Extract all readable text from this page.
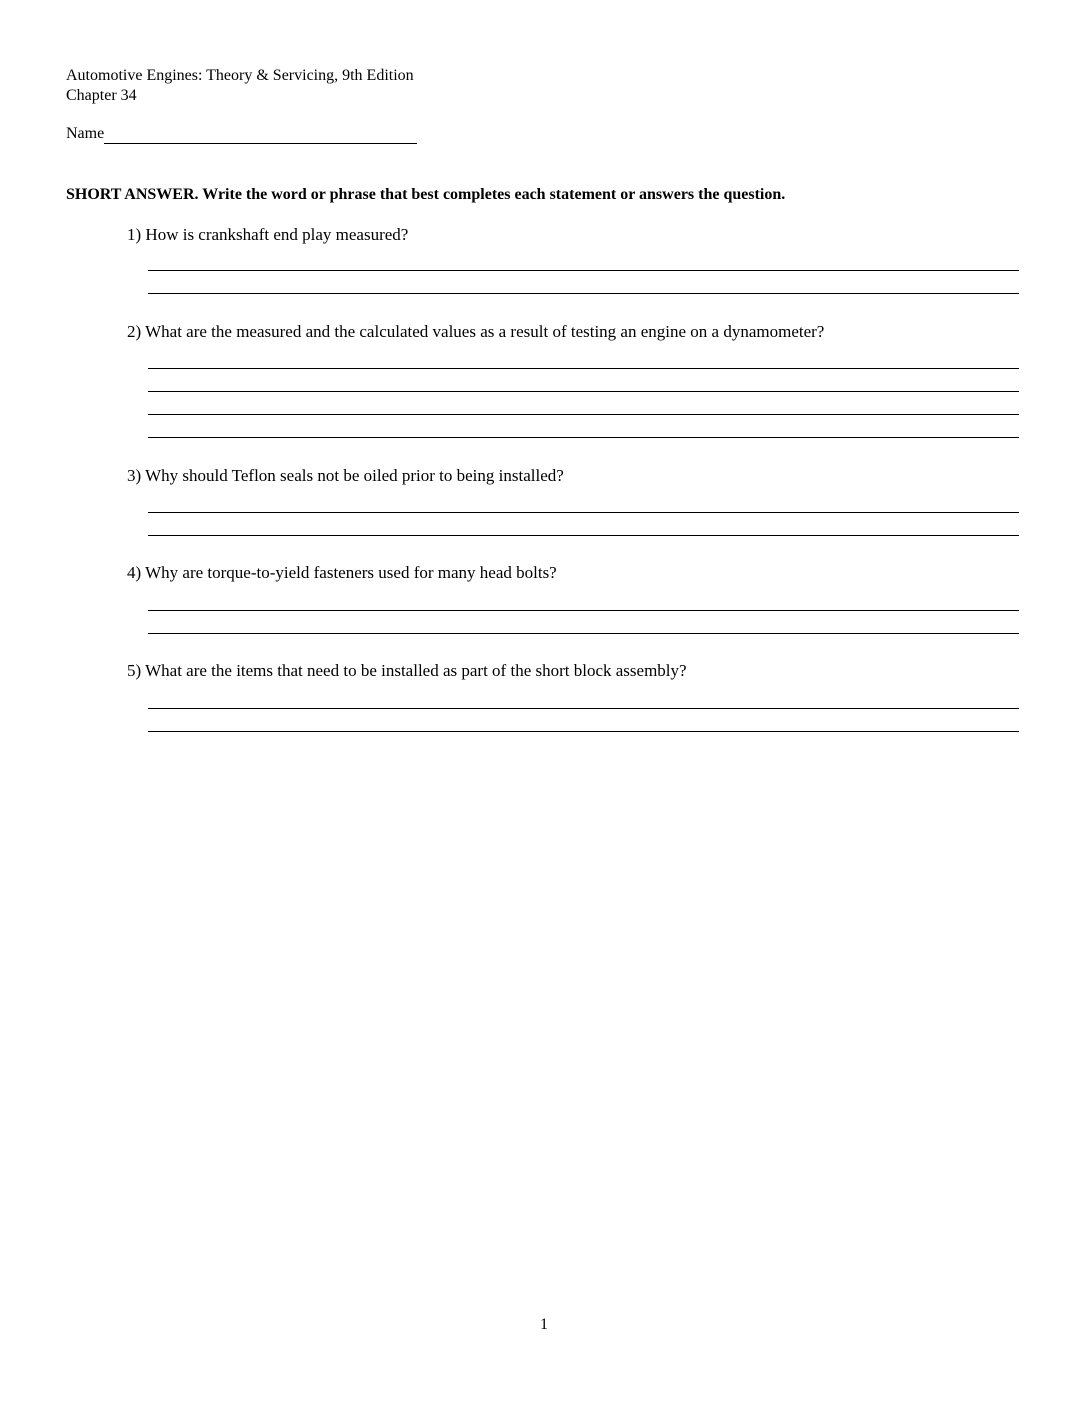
Automotive Engines: Theory & Servicing, 9th Edition
Chapter 34
Name
SHORT ANSWER. Write the word or phrase that best completes each statement or answers the question.
1) How is crankshaft end play measured?
2) What are the measured and the calculated values as a result of testing an engine on a dynamometer?
3) Why should Teflon seals not be oiled prior to being installed?
4) Why are torque-to-yield fasteners used for many head bolts?
5) What are the items that need to be installed as part of the short block assembly?
1
